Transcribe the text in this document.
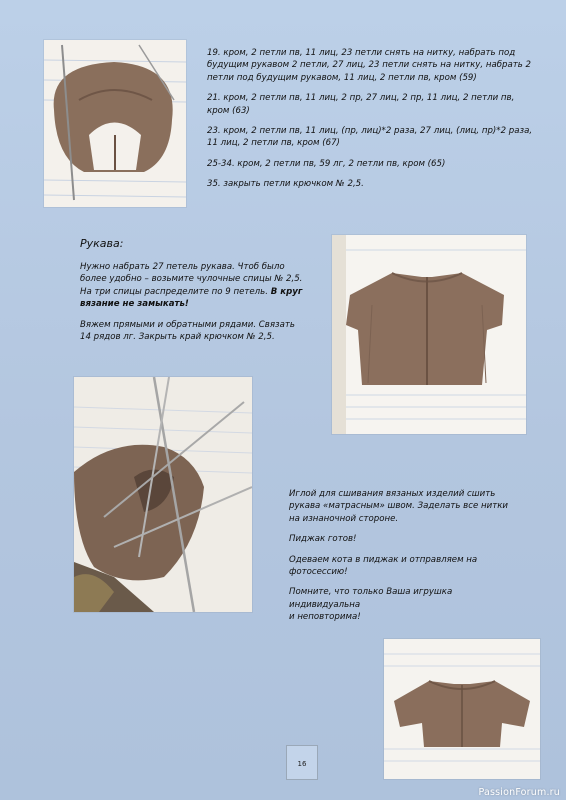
19. кром, 2 петли пв, 11 лиц, 23 петли снять на нитку, набрать под будущим рукавом 2 петли, 27 лиц, 23 петли снять на нитку, набрать 2 петли под будущим рукавом, 11 лиц, 2 петли пв, кром (59)

21. кром, 2 петли пв, 11 лиц, 2 пр, 27 лиц, 2 пр, 11 лиц, 2 петли пв, кром (63)

23. кром, 2 петли пв, 11 лиц, (пр, лиц)*2 раза, 27 лиц, (лиц, пр)*2 раза, 11 лиц, 2 петли пв, кром (67)

25-34. кром, 2 петли пв, 59 лг, 2 петли пв, кром (65)

35. закрыть петли крючком № 2,5.

Рукава:

Нужно набрать 27 петель рукава. Чтоб было
более удобно – возьмите чулочные спицы № 2,5.
На три спицы распределите по 9 петель. В круг
вязание не замыкать!

Вяжем прямыми и обратными рядами. Связать
14 рядов лг. Закрыть край крючком № 2,5.

Иглой для сшивания вязаных изделий сшить
рукава «матрасным» швом. Заделать все нитки
на изнаночной стороне.

Пиджак готов!

Одеваем кота в пиджак и отправляем на
фотосессию!

Помните, что только Ваша игрушка
индивидуальна
и неповторима!

16
PassionForum.ru
